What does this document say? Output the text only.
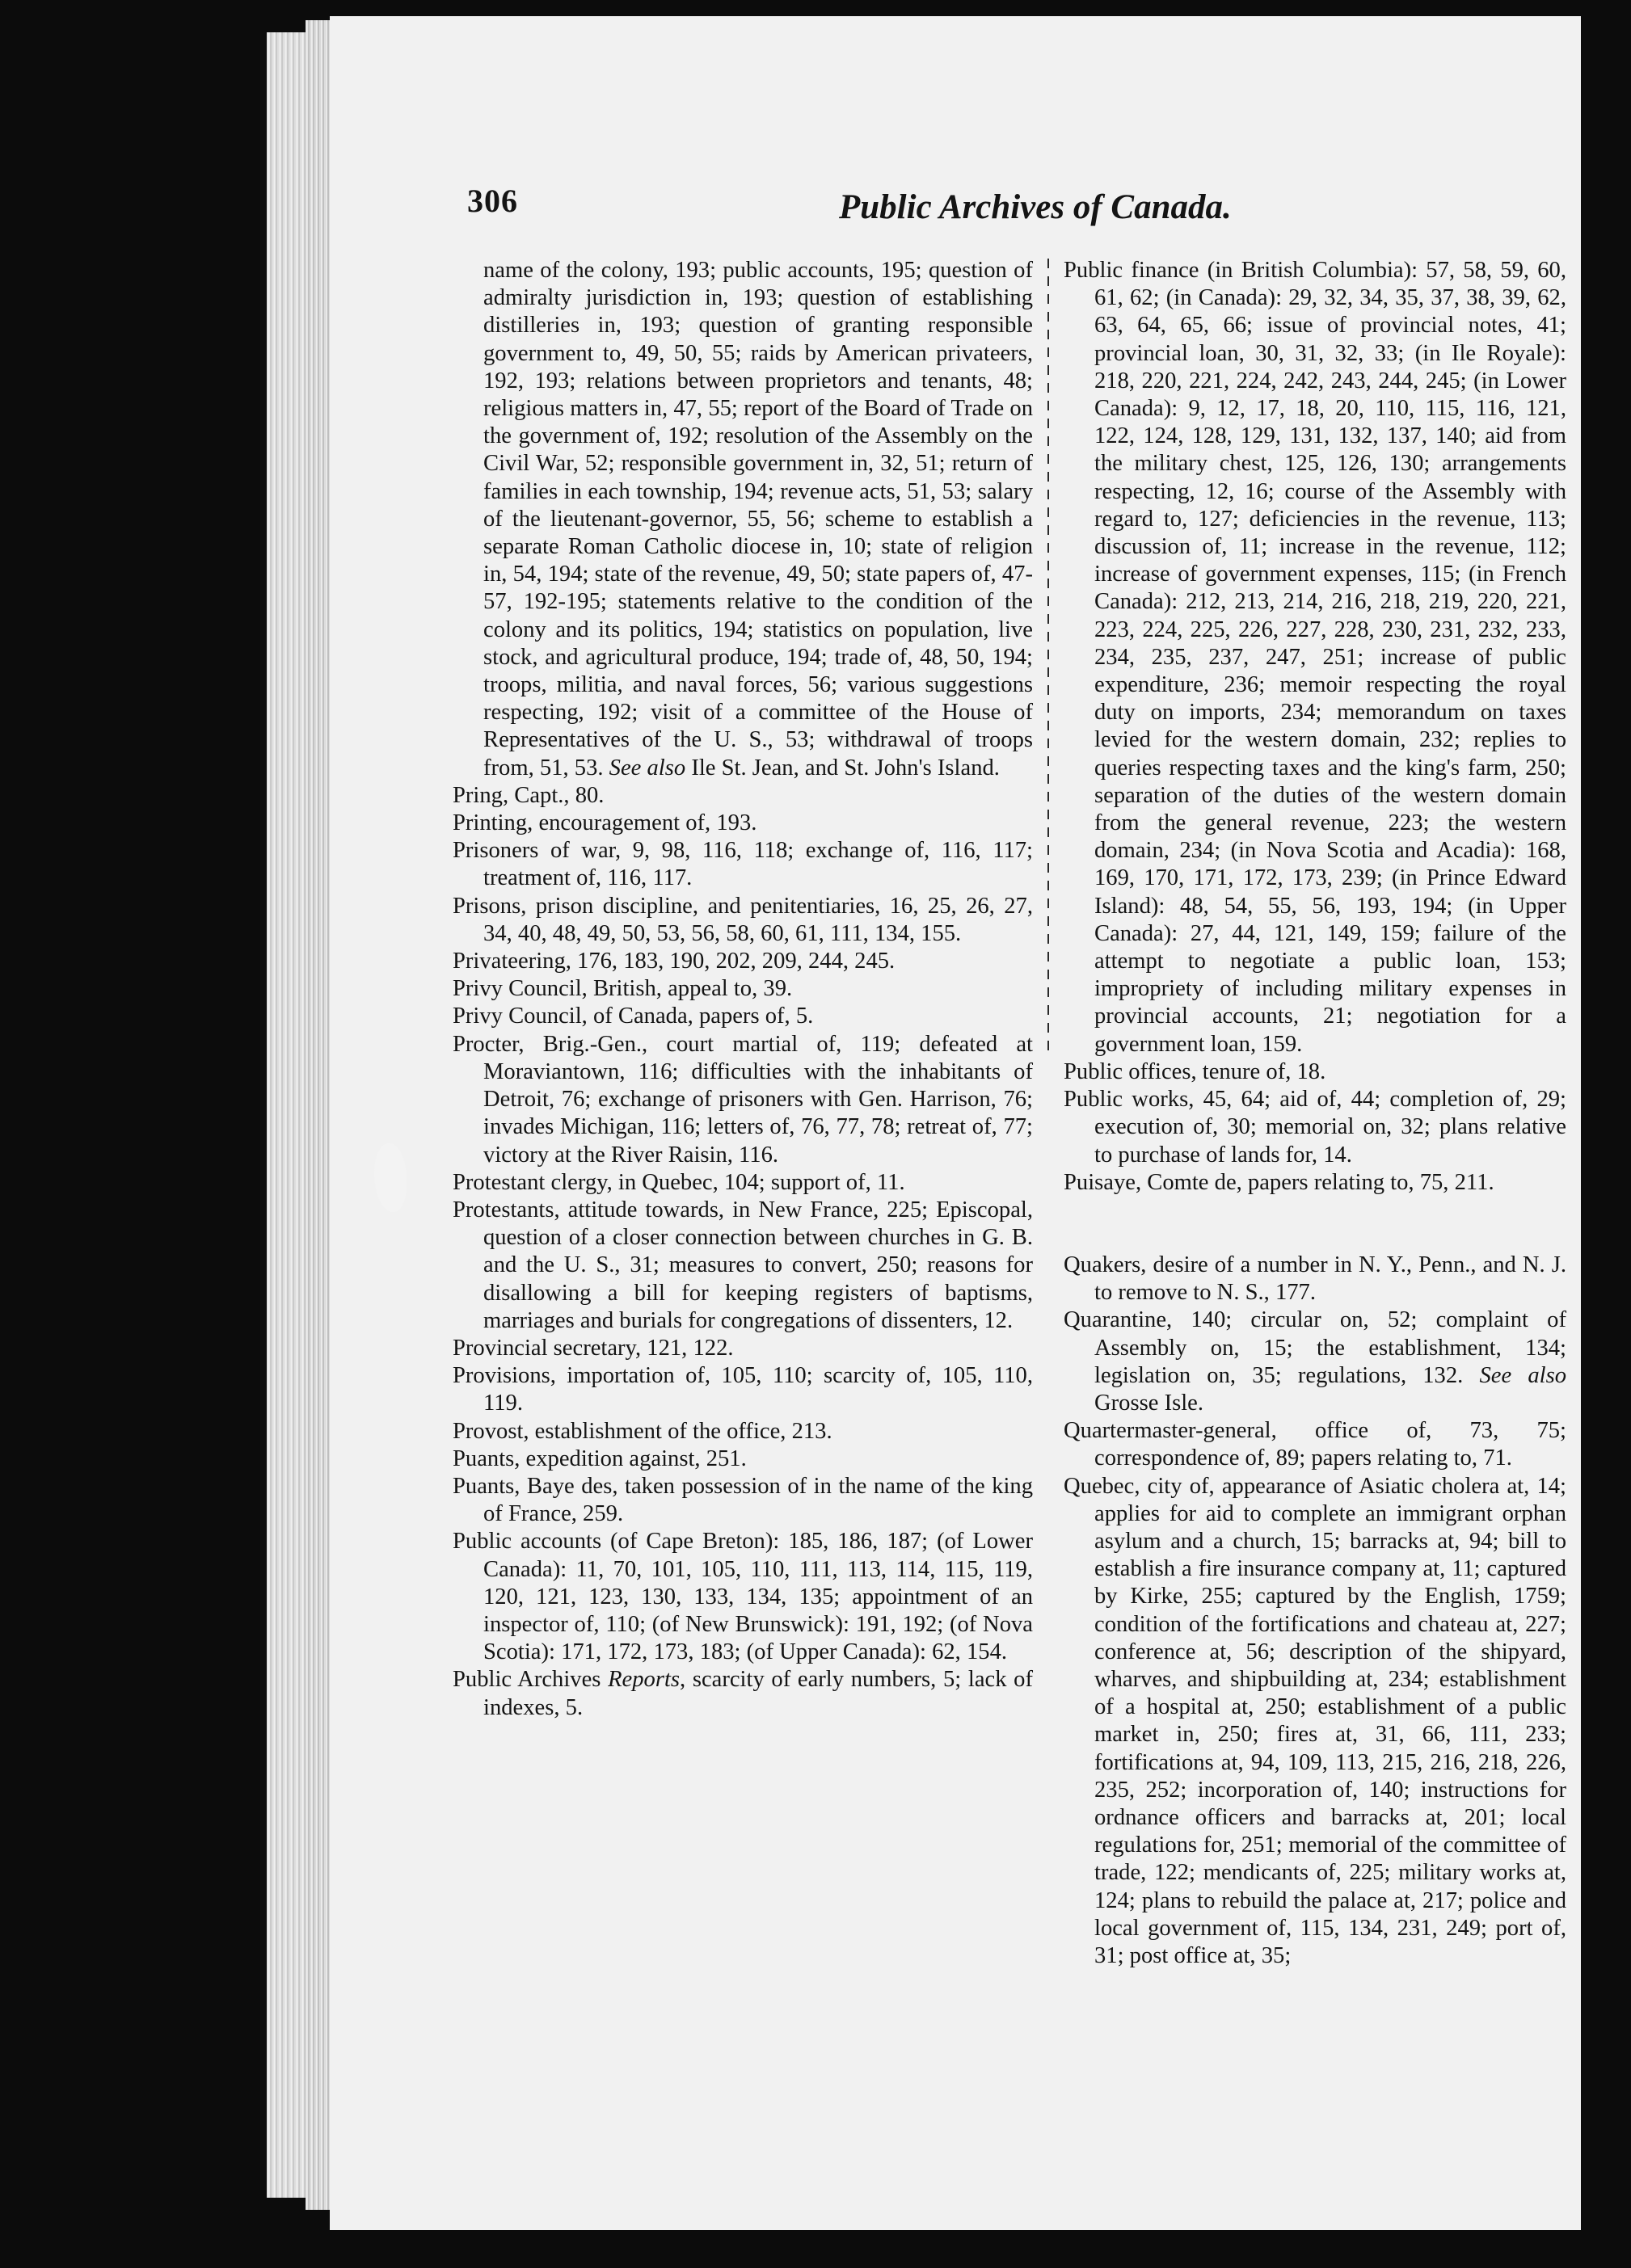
306	Public Archives of Canada.

name of the colony, 193; public accounts, 195; question of admiralty jurisdiction in, 193; question of establishing distilleries in, 193; question of granting responsible government to, 49, 50, 55; raids by American privateers, 192, 193; relations between proprietors and tenants, 48; religious matters in, 47, 55; report of the Board of Trade on the government of, 192; resolution of the Assembly on the Civil War, 52; responsible government in, 32, 51; return of families in each township, 194; revenue acts, 51, 53; salary of the lieutenant-governor, 55, 56; scheme to establish a separate Roman Catholic diocese in, 10; state of religion in, 54, 194; state of the revenue, 49, 50; state papers of, 47-57, 192-195; statements relative to the condition of the colony and its politics, 194; statistics on population, live stock, and agricultural produce, 194; trade of, 48, 50, 194; troops, militia, and naval forces, 56; various suggestions respecting, 192; visit of a committee of the House of Representatives of the U. S., 53; withdrawal of troops from, 51, 53. See also Ile St. Jean, and St. John's Island.

Pring, Capt., 80.

Printing, encouragement of, 193.

Prisoners of war, 9, 98, 116, 118; exchange of, 116, 117; treatment of, 116, 117.

Prisons, prison discipline, and penitentiaries, 16, 25, 26, 27, 34, 40, 48, 49, 50, 53, 56, 58, 60, 61, 111, 134, 155.

Privateering, 176, 183, 190, 202, 209, 244, 245.

Privy Council, British, appeal to, 39.

Privy Council, of Canada, papers of, 5.

Procter, Brig.-Gen., court martial of, 119; defeated at Moraviantown, 116; difficulties with the inhabitants of Detroit, 76; exchange of prisoners with Gen. Harrison, 76; invades Michigan, 116; letters of, 76, 77, 78; retreat of, 77; victory at the River Raisin, 116.

Protestant clergy, in Quebec, 104; support of, 11.

Protestants, attitude towards, in New France, 225; Episcopal, question of a closer connection between churches in G. B. and the U. S., 31; measures to convert, 250; reasons for disallowing a bill for keeping registers of baptisms, marriages and burials for congregations of dissenters, 12.

Provincial secretary, 121, 122.

Provisions, importation of, 105, 110; scarcity of, 105, 110, 119.

Provost, establishment of the office, 213.

Puants, expedition against, 251.

Puants, Baye des, taken possession of in the name of the king of France, 259.

Public accounts (of Cape Breton): 185, 186, 187; (of Lower Canada): 11, 70, 101, 105, 110, 111, 113, 114, 115, 119, 120, 121, 123, 130, 133, 134, 135; appointment of an inspector of, 110; (of New Brunswick): 191, 192; (of Nova Scotia): 171, 172, 173, 183; (of Upper Canada): 62, 154.

Public Archives Reports, scarcity of early numbers, 5; lack of indexes, 5.

Public finance (in British Columbia): 57, 58, 59, 60, 61, 62; (in Canada): 29, 32, 34, 35, 37, 38, 39, 62, 63, 64, 65, 66; issue of provincial notes, 41; provincial loan, 30, 31, 32, 33; (in Ile Royale): 218, 220, 221, 224, 242, 243, 244, 245; (in Lower Canada): 9, 12, 17, 18, 20, 110, 115, 116, 121, 122, 124, 128, 129, 131, 132, 137, 140; aid from the military chest, 125, 126, 130; arrangements respecting, 12, 16; course of the Assembly with regard to, 127; deficiencies in the revenue, 113; discussion of, 11; increase in the revenue, 112; increase of government expenses, 115; (in French Canada): 212, 213, 214, 216, 218, 219, 220, 221, 223, 224, 225, 226, 227, 228, 230, 231, 232, 233, 234, 235, 237, 247, 251; increase of public expenditure, 236; memoir respecting the royal duty on imports, 234; memorandum on taxes levied for the western domain, 232; replies to queries respecting taxes and the king's farm, 250; separation of the duties of the western domain from the general revenue, 223; the western domain, 234; (in Nova Scotia and Acadia): 168, 169, 170, 171, 172, 173, 239; (in Prince Edward Island): 48, 54, 55, 56, 193, 194; (in Upper Canada): 27, 44, 121, 149, 159; failure of the attempt to negotiate a public loan, 153; impropriety of including military expenses in provincial accounts, 21; negotiation for a government loan, 159.

Public offices, tenure of, 18.

Public works, 45, 64; aid of, 44; completion of, 29; execution of, 30; memorial on, 32; plans relative to purchase of lands for, 14.

Puisaye, Comte de, papers relating to, 75, 211.

Quakers, desire of a number in N. Y., Penn., and N. J. to remove to N. S., 177.

Quarantine, 140; circular on, 52; complaint of Assembly on, 15; the establishment, 134; legislation on, 35; regulations, 132. See also Grosse Isle.

Quartermaster-general, office of, 73, 75; correspondence of, 89; papers relating to, 71.

Quebec, city of, appearance of Asiatic cholera at, 14; applies for aid to complete an immigrant orphan asylum and a church, 15; barracks at, 94; bill to establish a fire insurance company at, 11; captured by Kirke, 255; captured by the English, 1759; condition of the fortifications and chateau at, 227; conference at, 56; description of the shipyard, wharves, and shipbuilding at, 234; establishment of a hospital at, 250; establishment of a public market in, 250; fires at, 31, 66, 111, 233; fortifications at, 94, 109, 113, 215, 216, 218, 226, 235, 252; incorporation of, 140; instructions for ordnance officers and barracks at, 201; local regulations for, 251; memorial of the committee of trade, 122; mendicants of, 225; military works at, 124; plans to rebuild the palace at, 217; police and local government of, 115, 134, 231, 249; port of, 31; post office at, 35;
